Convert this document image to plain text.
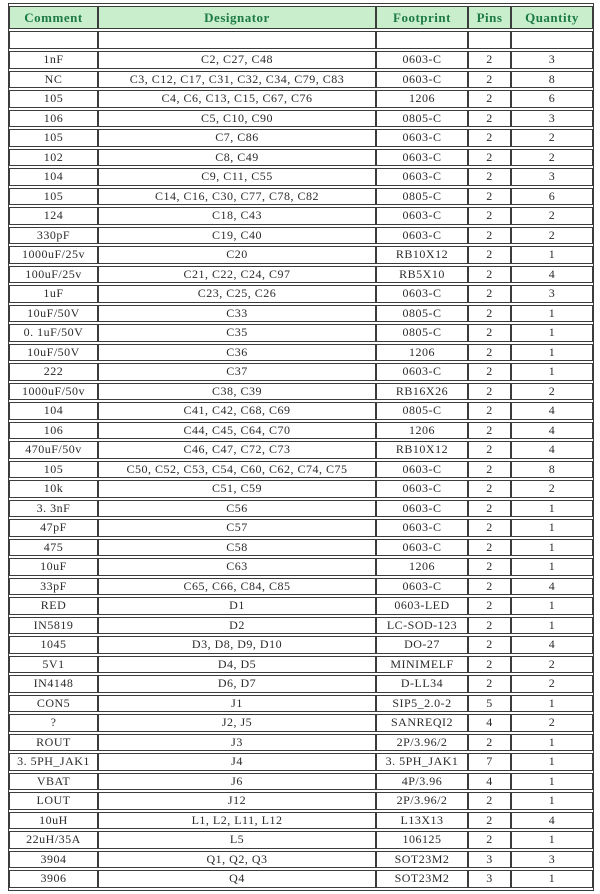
Comment	Designator	Footprint	Pins	Quantity

1nF	C2, C27, C48	0603-C	2	3
NC	C3, C12, C17, C31, C32, C34, C79, C83	0603-C	2	8
105	C4, C6, C13, C15, C67, C76	1206	2	6
106	C5, C10, C90	0805-C	2	3
105	C7, C86	0603-C	2	2
102	C8, C49	0603-C	2	2
104	C9, C11, C55	0603-C	2	3
105	C14, C16, C30, C77, C78, C82	0805-C	2	6
124	C18, C43	0603-C	2	2
330pF	C19, C40	0603-C	2	2
1000uF/25v	C20	RB10X12	2	1
100uF/25v	C21, C22, C24, C97	RB5X10	2	4
1uF	C23, C25, C26	0603-C	2	3
10uF/50V	C33	0805-C	2	1
0. 1uF/50V	C35	0805-C	2	1
10uF/50V	C36	1206	2	1
222	C37	0603-C	2	1
1000uF/50v	C38, C39	RB16X26	2	2
104	C41, C42, C68, C69	0805-C	2	4
106	C44, C45, C64, C70	1206	2	4
470uF/50v	C46, C47, C72, C73	RB10X12	2	4
105	C50, C52, C53, C54, C60, C62, C74, C75	0603-C	2	8
10k	C51, C59	0603-C	2	2
3. 3nF	C56	0603-C	2	1
47pF	C57	0603-C	2	1
475	C58	0603-C	2	1
10uF	C63	1206	2	1
33pF	C65, C66, C84, C85	0603-C	2	4
RED	D1	0603-LED	2	1
IN5819	D2	LC-SOD-123	2	1
1045	D3, D8, D9, D10	DO-27	2	4
5V1	D4, D5	MINIMELF	2	2
IN4148	D6, D7	D-LL34	2	2
CON5	J1	SIP5_2.0-2	5	1
?	J2, J5	SANREQI2	4	2
ROUT	J3	2P/3.96/2	2	1
3. 5PH_JAK1	J4	3. 5PH_JAK1	7	1
VBAT	J6	4P/3.96	4	1
LOUT	J12	2P/3.96/2	2	1
10uH	L1, L2, L11, L12	L13X13	2	4
22uH/35A	L5	106125	2	1
3904	Q1, Q2, Q3	SOT23M2	3	3
3906	Q4	SOT23M2	3	1
